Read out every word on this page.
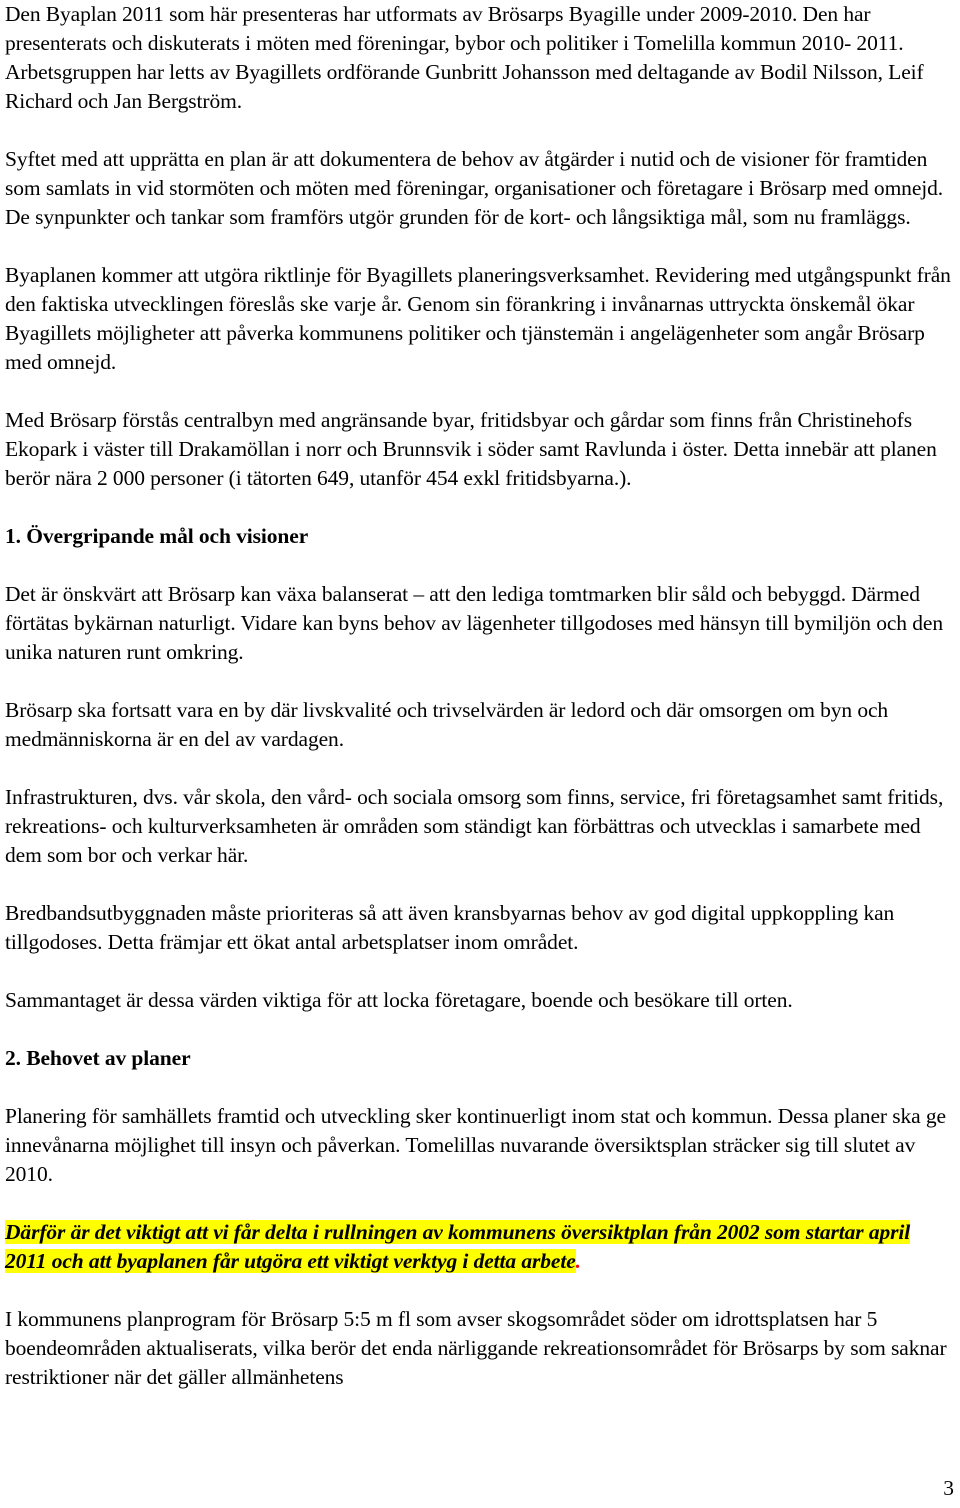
Den Byaplan 2011 som här presenteras har utformats av Brösarps Byagille under 2009-2010. Den har presenterats och diskuterats i möten med föreningar, bybor och politiker i Tomelilla kommun 2010- 2011. Arbetsgruppen har letts av Byagillets ordförande Gunbritt Johansson med deltagande av Bodil Nilsson, Leif Richard och Jan Bergström.

Syftet med att upprätta en plan är att dokumentera de behov av åtgärder i nutid och de visioner för framtiden som samlats in vid stormöten och möten med föreningar, organisationer och företagare i Brösarp med omnejd. De synpunkter och tankar som framförs utgör grunden för de kort- och långsiktiga mål, som nu framläggs.

Byaplanen kommer att utgöra riktlinje för Byagillets planeringsverksamhet. Revidering med utgångspunkt från den faktiska utvecklingen föreslås ske varje år. Genom sin förankring i invånarnas uttryckta önskemål ökar Byagillets möjligheter att påverka kommunens politiker och tjänstemän i angelägenheter som angår Brösarp med omnejd.

Med Brösarp förstås centralbyn med angränsande byar, fritidsbyar och gårdar som finns från Christinehofs Ekopark i väster till Drakamöllan i norr och Brunnsvik i söder samt Ravlunda i öster. Detta innebär att planen berör nära 2 000 personer (i tätorten 649, utanför 454 exkl fritidsbyarna.).

1. Övergripande mål och visioner

Det är önskvärt att Brösarp kan växa balanserat – att den lediga tomtmarken blir såld och bebyggd. Därmed förtätas bykärnan naturligt. Vidare kan byns behov av lägenheter tillgodoses med hänsyn till bymiljön och den unika naturen runt omkring.

Brösarp ska fortsatt vara en by där livskvalité och trivselvärden är ledord och där omsorgen om byn och medmänniskorna är en del av vardagen.

Infrastrukturen, dvs. vår skola, den vård- och sociala omsorg som finns, service, fri företagsamhet samt fritids, rekreations- och kulturverksamheten är områden som ständigt kan förbättras och utvecklas i samarbete med dem som bor och verkar här.

Bredbandsutbyggnaden måste prioriteras så att även kransbyarnas behov av god digital uppkoppling kan tillgodoses. Detta främjar ett ökat antal arbetsplatser inom området.

Sammantaget är dessa värden viktiga för att locka företagare, boende och besökare till orten.

2. Behovet av planer

Planering för samhällets framtid och utveckling sker kontinuerligt inom stat och kommun. Dessa planer ska ge innevånarna möjlighet till insyn och påverkan. Tomelillas nuvarande översiktsplan sträcker sig till slutet av 2010.

Därför är det viktigt att vi får delta i rullningen av kommunens översiktplan från 2002 som startar april 2011 och att byaplanen får utgöra ett viktigt verktyg i detta arbete.

I kommunens planprogram för Brösarp 5:5 m fl som avser skogsområdet söder om idrottsplatsen har 5 boendeområden aktualiserats, vilka berör det enda närliggande rekreationsområdet för Brösarps by som saknar restriktioner när det gäller allmänhetens

3
